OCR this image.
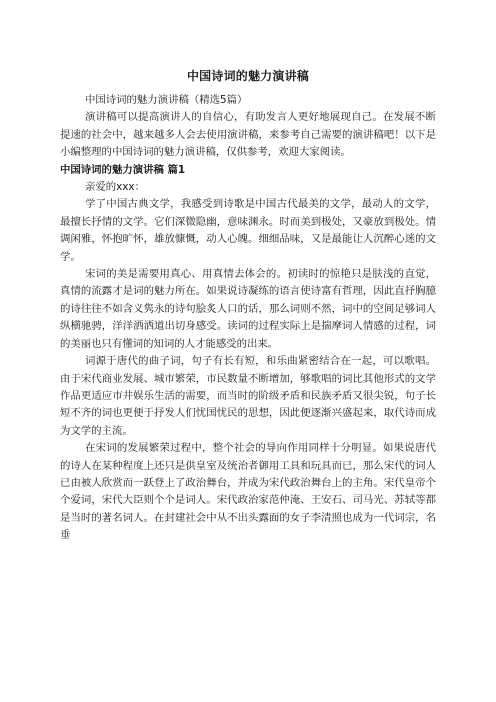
中国诗词的魅力演讲稿

中国诗词的魅力演讲稿（精选5篇）

演讲稿可以提高演讲人的自信心，有助发言人更好地展现自己。在发展不断提速的社会中，越来越多人会去使用演讲稿，来参考自己需要的演讲稿吧！以下是小编整理的中国诗词的魅力演讲稿，仅供参考，欢迎大家阅读。

中国诗词的魅力演讲稿 篇1

亲爱的xxx：

学了中国古典文学，我感受到诗歌是中国古代最美的文学，最动人的文学，最擅长抒情的文学。它们深微隐幽，意味渊永。时而美到极处，又豪放到极处。情调闲雅，怀抱旷怀，雄放慷慨，动人心魄。细细品味，又是最能让人沉醉心迷的文学。

宋词的美是需要用真心、用真情去体会的。初读时的惊艳只是肤浅的直觉，真情的流露才是词的魅力所在。如果说诗凝练的语言使诗富有哲理，因此直抒胸臆的诗往往不如含义隽永的诗句脍炙人口的话，那么词则不然，词中的空间足够词人纵横驰骋，洋洋洒洒道出切身感受。读词的过程实际上是揣摩词人情感的过程，词的美丽也只有懂词的知词的人才能感受的出来。

词源于唐代的曲子词，句子有长有短，和乐曲紧密结合在一起，可以歌唱。由于宋代商业发展、城市繁荣，市民数量不断增加，够歌唱的词比其他形式的文学作品更适应市井娱乐生活的需要，而当时的阶级矛盾和民族矛盾又很尖锐，句子长短不齐的词也更便于抒发人们忧国忧民的思想，因此便逐渐兴盛起来，取代诗而成为文学的主流。

在宋词的发展繁荣过程中，整个社会的导向作用同样十分明显。如果说唐代的诗人在某种程度上还只是供皇室及统治者御用工具和玩具而已，那么宋代的词人已由被人欣赏而一跃登上了政治舞台，并成为宋代政治舞台上的主角。宋代皇帝个个爱词，宋代大臣则个个是词人。宋代政治家范仲淹、王安石、司马光、苏轼等都是当时的著名词人。在封建社会中从不出头露面的女子李清照也成为一代词宗，名垂
